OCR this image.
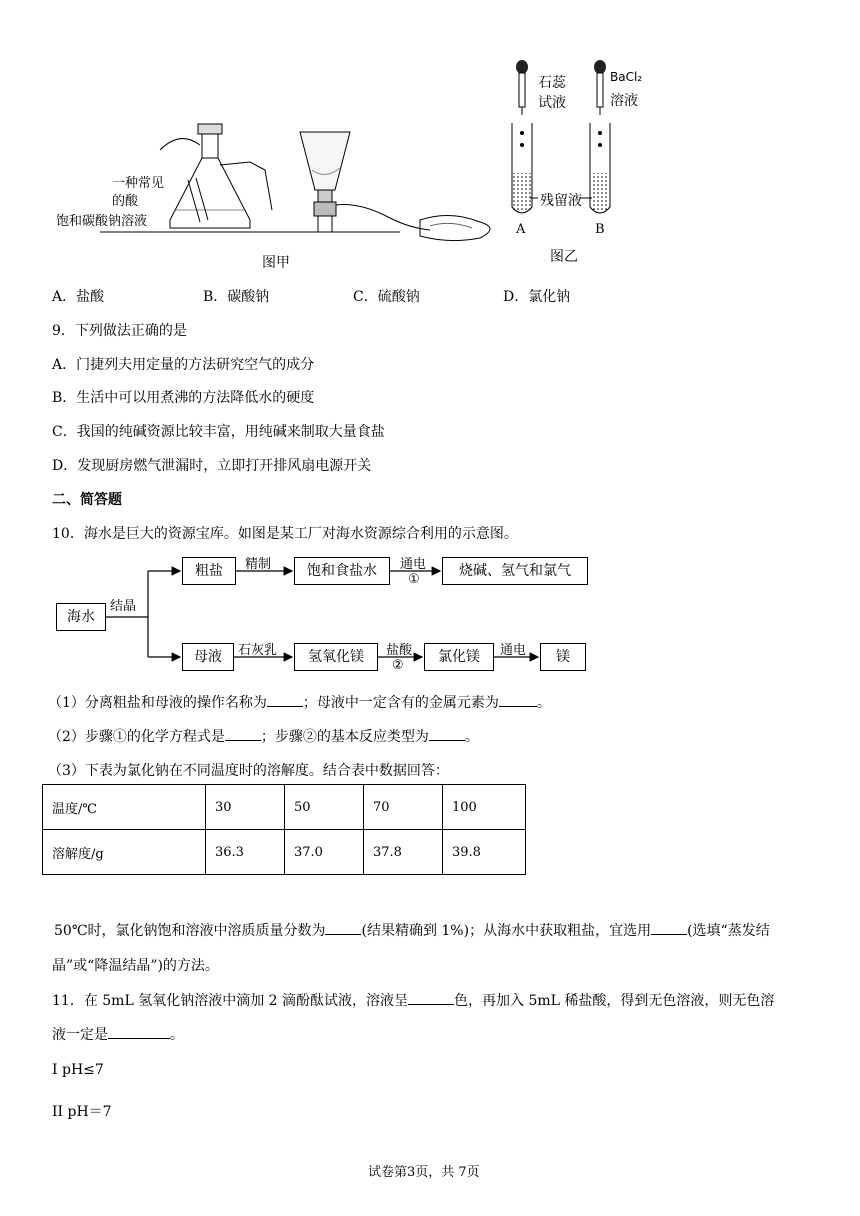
一种常见
的酸
饱和碳酸钠溶液
图甲
石蕊
试液
BaCl₂
溶液
残留液
A	B
图乙
A．盐酸	B．碳酸钠	C．硫酸钠	D．氯化钠
9．下列做法正确的是
A．门捷列夫用定量的方法研究空气的成分
B．生活中可以用煮沸的方法降低水的硬度
C．我国的纯碱资源比较丰富，用纯碱来制取大量食盐
D．发现厨房燃气泄漏时，立即打开排风扇电源开关
二、简答题
10．海水是巨大的资源宝库。如图是某工厂对海水资源综合利用的示意图。
海水
结晶
粗盐	精制	饱和食盐水	通电
①
烧碱、氢气和氯气
母液	石灰乳	氢氧化镁	盐酸
②
氯化镁	通电	镁
（1）分离粗盐和母液的操作名称为	；母液中一定含有的金属元素为	。
（2）步骤①的化学方程式是	；步骤②的基本反应类型为	。
（3）下表为氯化钠在不同温度时的溶解度。结合表中数据回答：
温度/℃	30	50	70	100
溶解度/g	36.3	37.0	37.8	39.8
50℃时，氯化钠饱和溶液中溶质质量分数为	(结果精确到 1%)；从海水中获取粗盐，宜选用	(选填“蒸发结
晶”或“降温结晶”)的方法。
11．在 5mL 氢氧化钠溶液中滴加 2 滴酚酞试液，溶液呈	色，再加入 5mL 稀盐酸，得到无色溶液，则无色溶
液一定是	。
I pH≤7
II pH＝7
试卷第3页，共 7页
